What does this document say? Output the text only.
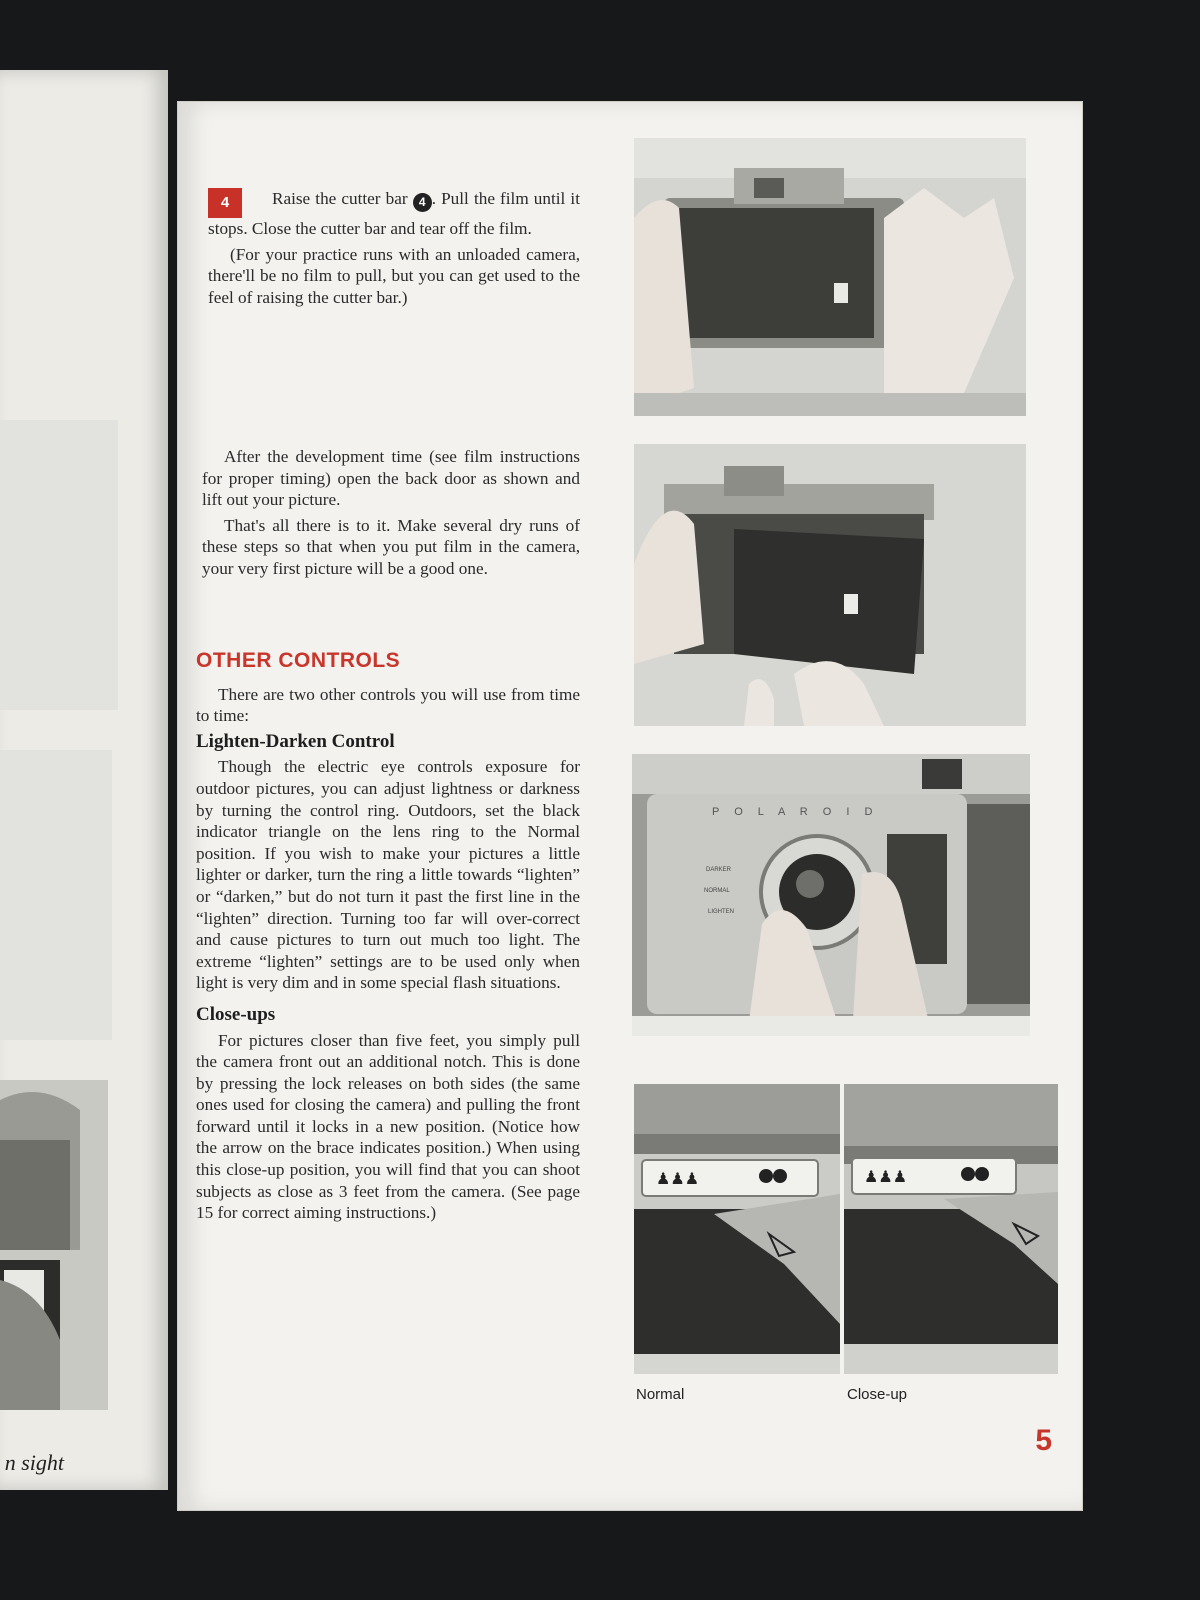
n sight

4 Raise the cutter bar 4 . Pull the film until it stops. Close the cutter bar and tear off the film.

(For your practice runs with an unloaded camera, there'll be no film to pull, but you can get used to the feel of raising the cutter bar.)

After the development time (see film instructions for proper timing) open the back door as shown and lift out your picture.

That's all there is to it. Make several dry runs of these steps so that when you put film in the camera, your very first picture will be a good one.

OTHER CONTROLS

There are two other controls you will use from time to time:

Lighten-Darken Control

Though the electric eye controls exposure for outdoor pictures, you can adjust lightness or darkness by turning the control ring. Outdoors, set the black indicator triangle on the lens ring to the Normal position. If you wish to make your pictures a little lighter or darker, turn the ring a little towards “lighten” or “darken,” but do not turn it past the first line in the “lighten” direction. Turning too far will over-correct and cause pictures to turn out much too light. The extreme “lighten” settings are to be used only when light is very dim and in some special flash situations.

Close-ups

For pictures closer than five feet, you simply pull the camera front out an additional notch. This is done by pressing the lock releases on both sides (the same ones used for closing the camera) and pulling the front forward until it locks in a new position. (Notice how the arrow on the brace indicates position.) When using this close-up position, you will find that you can shoot subjects as close as 3 feet from the camera. (See page 15 for correct aiming instructions.)

P O L A R O I D
DARKER
NORMAL
LIGHTEN
♟♟♟	♟♟♟
Normal	Close-up
5
